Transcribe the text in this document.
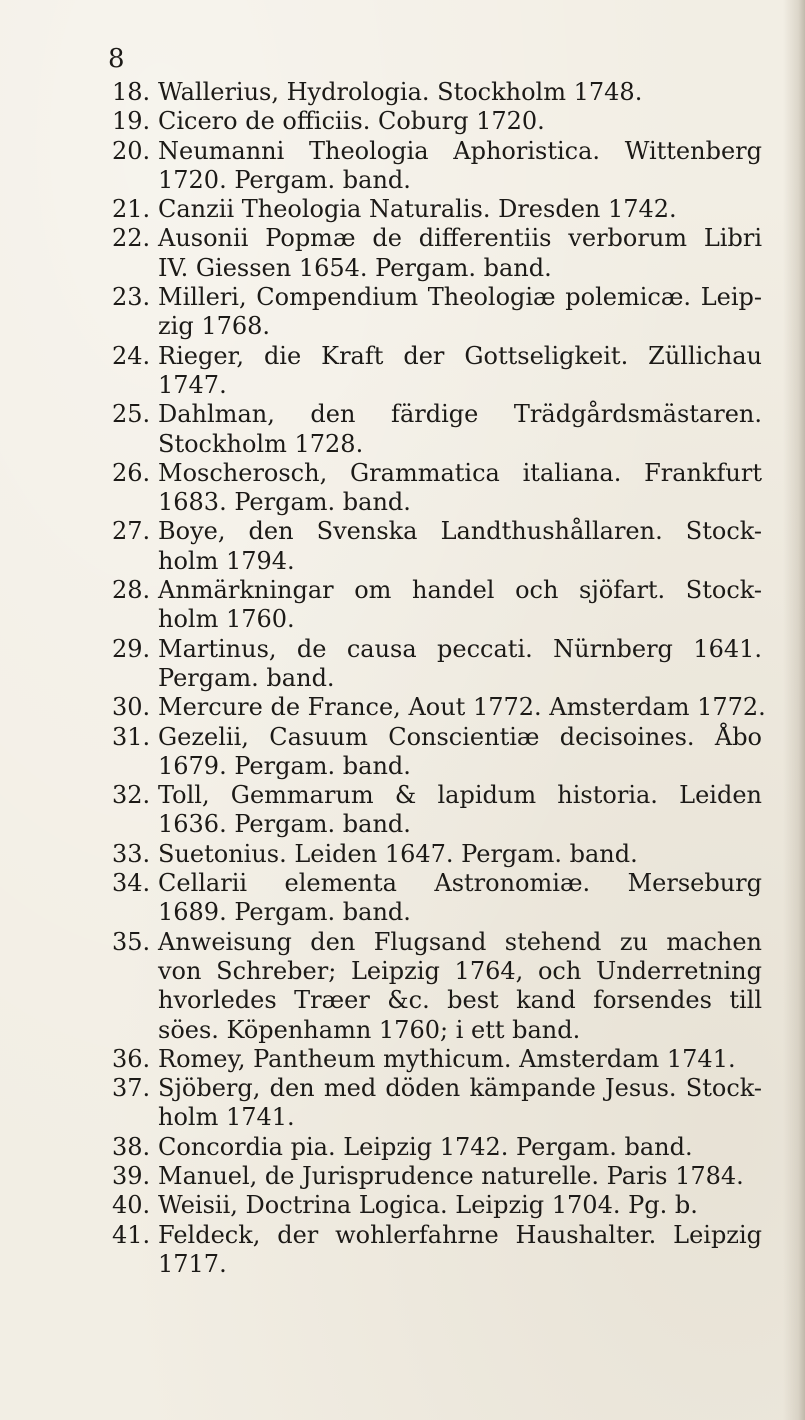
8
18. Wallerius, Hydrologia. Stockholm 1748.
19. Cicero de officiis. Coburg 1720.
20. Neumanni Theologia Aphoristica. Wittenberg
1720. Pergam. band.
21. Canzii Theologia Naturalis. Dresden 1742.
22. Ausonii Popmæ de differentiis verborum Libri
IV. Giessen 1654. Pergam. band.
23. Milleri, Compendium Theologiæ polemicæ. Leip-
zig 1768.
24. Rieger, die Kraft der Gottseligkeit. Züllichau
1747.
25. Dahlman, den färdige Trädgårdsmästaren.
Stockholm 1728.
26. Moscherosch, Grammatica italiana. Frankfurt
1683. Pergam. band.
27. Boye, den Svenska Landthushållaren. Stock-
holm 1794.
28. Anmärkningar om handel och sjöfart. Stock-
holm 1760.
29. Martinus, de causa peccati. Nürnberg 1641.
Pergam. band.
30. Mercure de France, Aout 1772. Amsterdam 1772.
31. Gezelii, Casuum Conscientiæ decisoines. Åbo
1679. Pergam. band.
32. Toll, Gemmarum & lapidum historia. Leiden
1636. Pergam. band.
33. Suetonius. Leiden 1647. Pergam. band.
34. Cellarii elementa Astronomiæ. Merseburg
1689. Pergam. band.
35. Anweisung den Flugsand stehend zu machen
von Schreber; Leipzig 1764, och Underretning
hvorledes Træer &c. best kand forsendes till
söes. Köpenhamn 1760; i ett band.
36. Romey, Pantheum mythicum. Amsterdam 1741.
37. Sjöberg, den med döden kämpande Jesus. Stock-
holm 1741.
38. Concordia pia. Leipzig 1742. Pergam. band.
39. Manuel, de Jurisprudence naturelle. Paris 1784.
40. Weisii, Doctrina Logica. Leipzig 1704. Pg. b.
41. Feldeck, der wohlerfahrne Haushalter. Leipzig
1717.
